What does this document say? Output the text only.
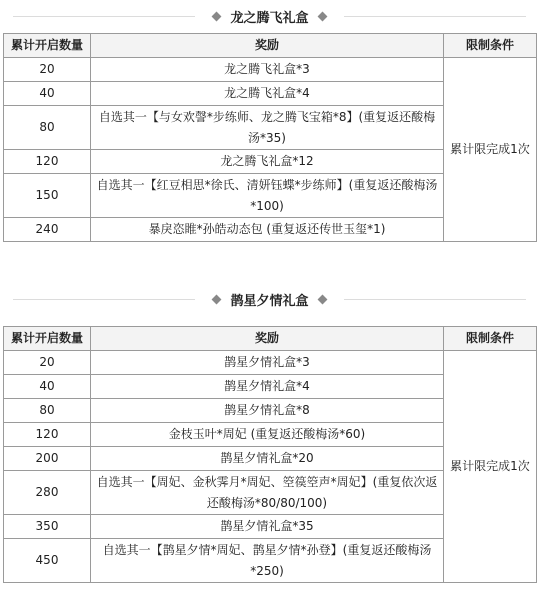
龙之腾飞礼盒
累计开启数量	奖励	限制条件
20	龙之腾飞礼盒*3	累计限完成1次
40	龙之腾飞礼盒*4	
80	自选其一【与女欢謦*步练师、龙之腾飞宝箱*8】(重复返还酸梅汤*35)	
120	龙之腾飞礼盒*12	
150	自选其一【红豆相思*徐氏、清妍钰蝶*步练师】(重复返还酸梅汤*100)	
240	暴戾恣睢*孙皓动态包 (重复返还传世玉玺*1)	
鹊星夕情礼盒
累计开启数量	奖励	限制条件
20	鹊星夕情礼盒*3	累计限完成1次
40	鹊星夕情礼盒*4	
80	鹊星夕情礼盒*8	
120	金枝玉叶*周妃 (重复返还酸梅汤*60)	
200	鹊星夕情礼盒*20	
280	自选其一【周妃、金秋霁月*周妃、箜篌箜声*周妃】(重复依次返还酸梅汤*80/80/100)	
350	鹊星夕情礼盒*35	
450	自选其一【鹊星夕情*周妃、鹊星夕情*孙登】(重复返还酸梅汤*250)	
